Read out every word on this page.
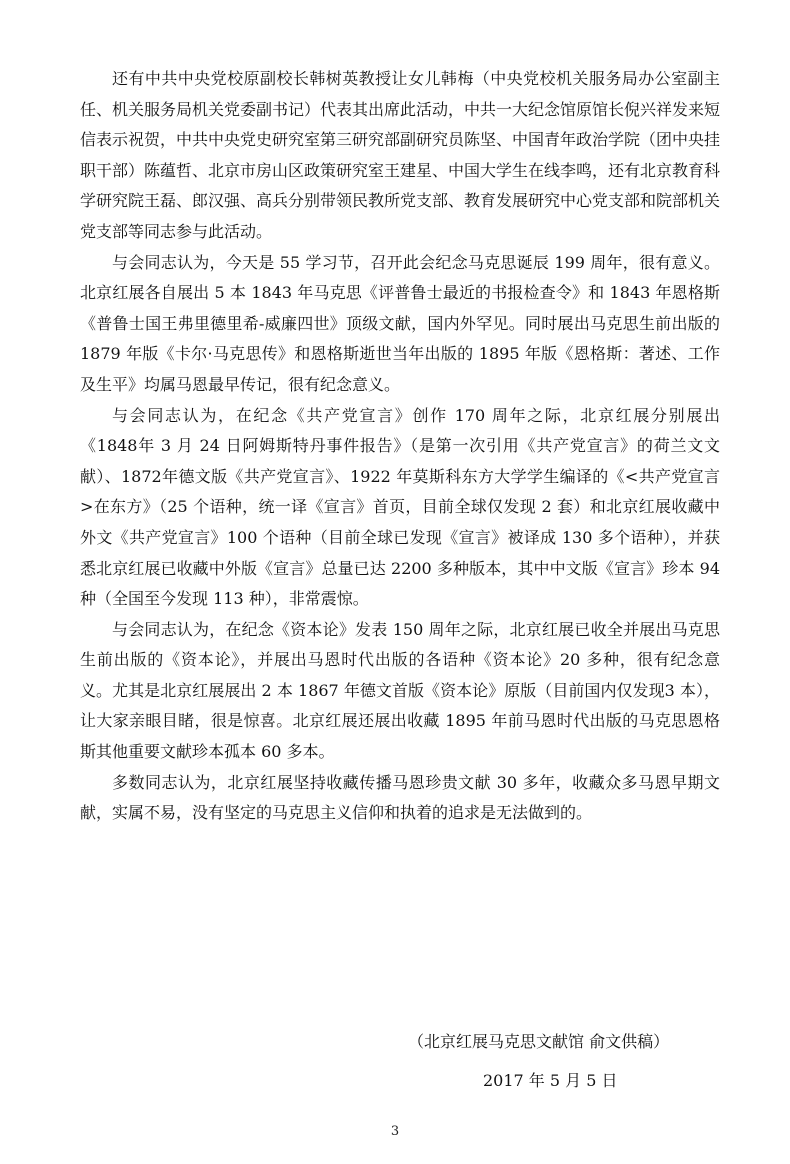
还有中共中央党校原副校长韩树英教授让女儿韩梅（中央党校机关服务局办公室副主任、机关服务局机关党委副书记）代表其出席此活动，中共一大纪念馆原馆长倪兴祥发来短信表示祝贺，中共中央党史研究室第三研究部副研究员陈坚、中国青年政治学院（团中央挂职干部）陈蕴哲、北京市房山区政策研究室王建星、中国大学生在线李鸣，还有北京教育科学研究院王磊、郎汉强、高兵分别带领民教所党支部、教育发展研究中心党支部和院部机关党支部等同志参与此活动。

与会同志认为，今天是 55 学习节，召开此会纪念马克思诞辰 199 周年，很有意义。北京红展各自展出 5 本 1843 年马克思《评普鲁士最近的书报检查令》和 1843 年恩格斯《普鲁士国王弗里德里希-威廉四世》顶级文献，国内外罕见。同时展出马克思生前出版的 1879 年版《卡尔·马克思传》和恩格斯逝世当年出版的 1895 年版《恩格斯：著述、工作及生平》均属马恩最早传记，很有纪念意义。

与会同志认为，在纪念《共产党宣言》创作 170 周年之际，北京红展分别展出《1848年 3 月 24 日阿姆斯特丹事件报告》（是第一次引用《共产党宣言》的荷兰文文献）、1872年德文版《共产党宣言》、1922 年莫斯科东方大学学生编译的《<共产党宣言>在东方》（25 个语种，统一译《宣言》首页，目前全球仅发现 2 套）和北京红展收藏中外文《共产党宣言》100 个语种（目前全球已发现《宣言》被译成 130 多个语种），并获悉北京红展已收藏中外版《宣言》总量已达 2200 多种版本，其中中文版《宣言》珍本 94 种（全国至今发现 113 种），非常震惊。

与会同志认为，在纪念《资本论》发表 150 周年之际，北京红展已收全并展出马克思生前出版的《资本论》，并展出马恩时代出版的各语种《资本论》20 多种，很有纪念意义。尤其是北京红展展出 2 本 1867 年德文首版《资本论》原版（目前国内仅发现3 本），让大家亲眼目睹，很是惊喜。北京红展还展出收藏 1895 年前马恩时代出版的马克思恩格斯其他重要文献珍本孤本 60 多本。

多数同志认为，北京红展坚持收藏传播马恩珍贵文献 30 多年，收藏众多马恩早期文献，实属不易，没有坚定的马克思主义信仰和执着的追求是无法做到的。

（北京红展马克思文献馆 俞文供稿）
2017 年 5 月 5 日
3
